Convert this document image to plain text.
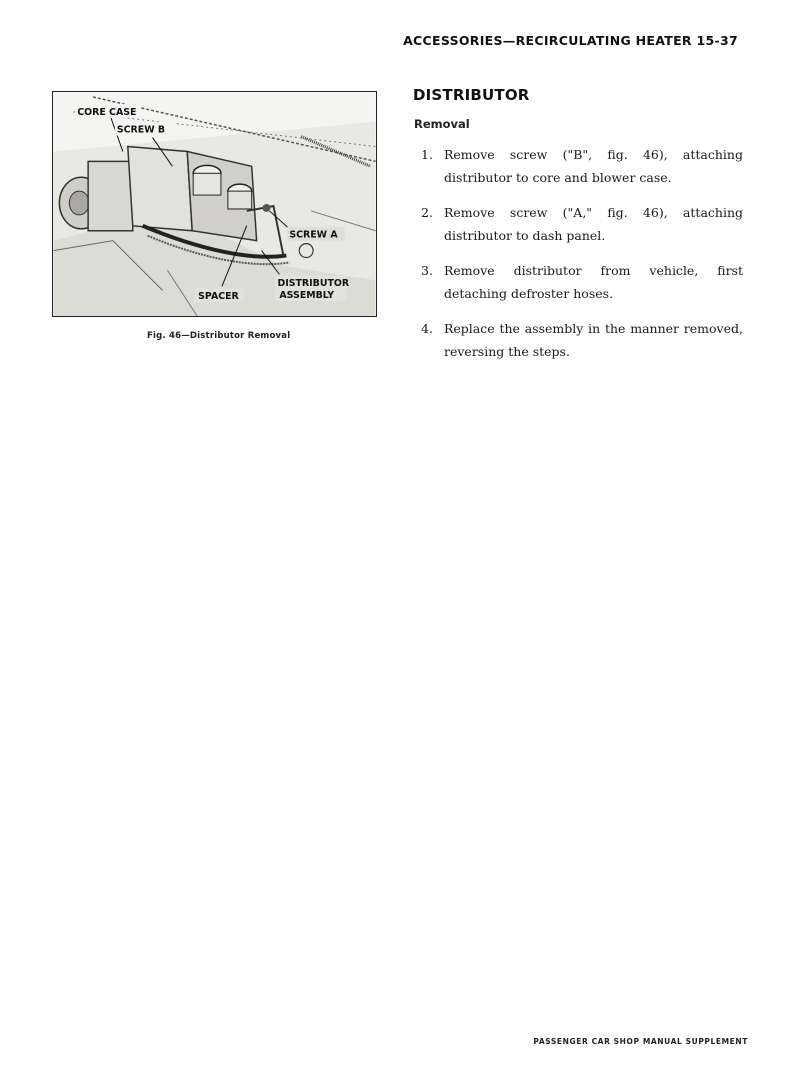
ACCESSORIES—RECIRCULATING HEATER 15-37
CORE CASE
SCREW B
SCREW A
DISTRIBUTOR
ASSEMBLY
SPACER
Fig. 46—Distributor Removal
DISTRIBUTOR
Removal
1. Remove screw ("B", fig. 46), attaching distributor to core and blower case.
2. Remove screw ("A," fig. 46), attaching distributor to dash panel.
3. Remove distributor from vehicle, first detaching defroster hoses.
4. Replace the assembly in the manner removed, reversing the steps.
PASSENGER CAR SHOP MANUAL SUPPLEMENT
